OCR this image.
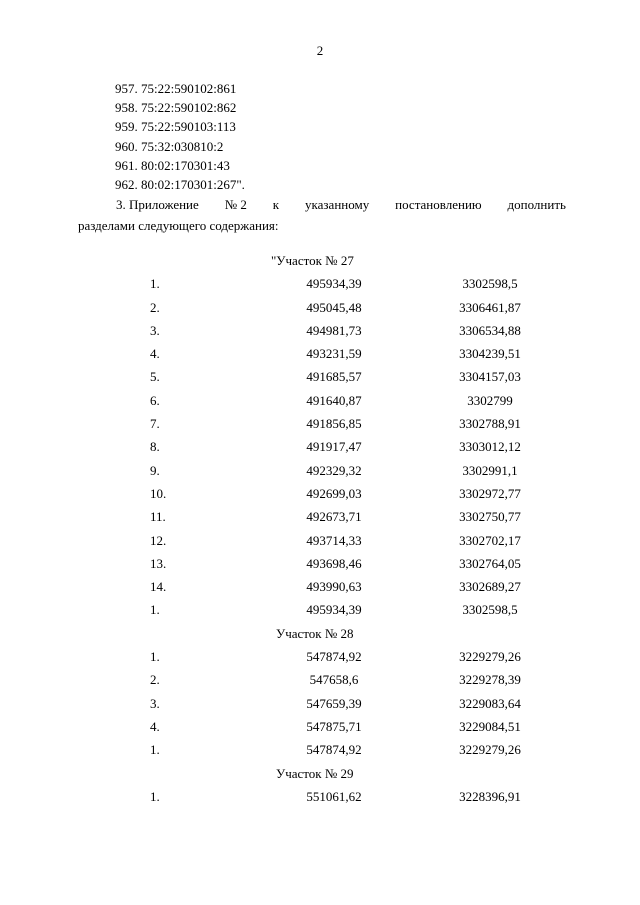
2
957. 75:22:590102:861
958. 75:22:590102:862
959. 75:22:590103:113
960. 75:32:030810:2
961. 80:02:170301:43
962. 80:02:170301:267".
3. Приложение № 2 к указанному постановлению дополнить
разделами следующего содержания:
"Участок № 27
1.	495934,39	3302598,5
2.	495045,48	3306461,87
3.	494981,73	3306534,88
4.	493231,59	3304239,51
5.	491685,57	3304157,03
6.	491640,87	3302799
7.	491856,85	3302788,91
8.	491917,47	3303012,12
9.	492329,32	3302991,1
10.	492699,03	3302972,77
11.	492673,71	3302750,77
12.	493714,33	3302702,17
13.	493698,46	3302764,05
14.	493990,63	3302689,27
1.	495934,39	3302598,5
Участок № 28
1.	547874,92	3229279,26
2.	547658,6	3229278,39
3.	547659,39	3229083,64
4.	547875,71	3229084,51
1.	547874,92	3229279,26
Участок № 29
1.	551061,62	3228396,91
